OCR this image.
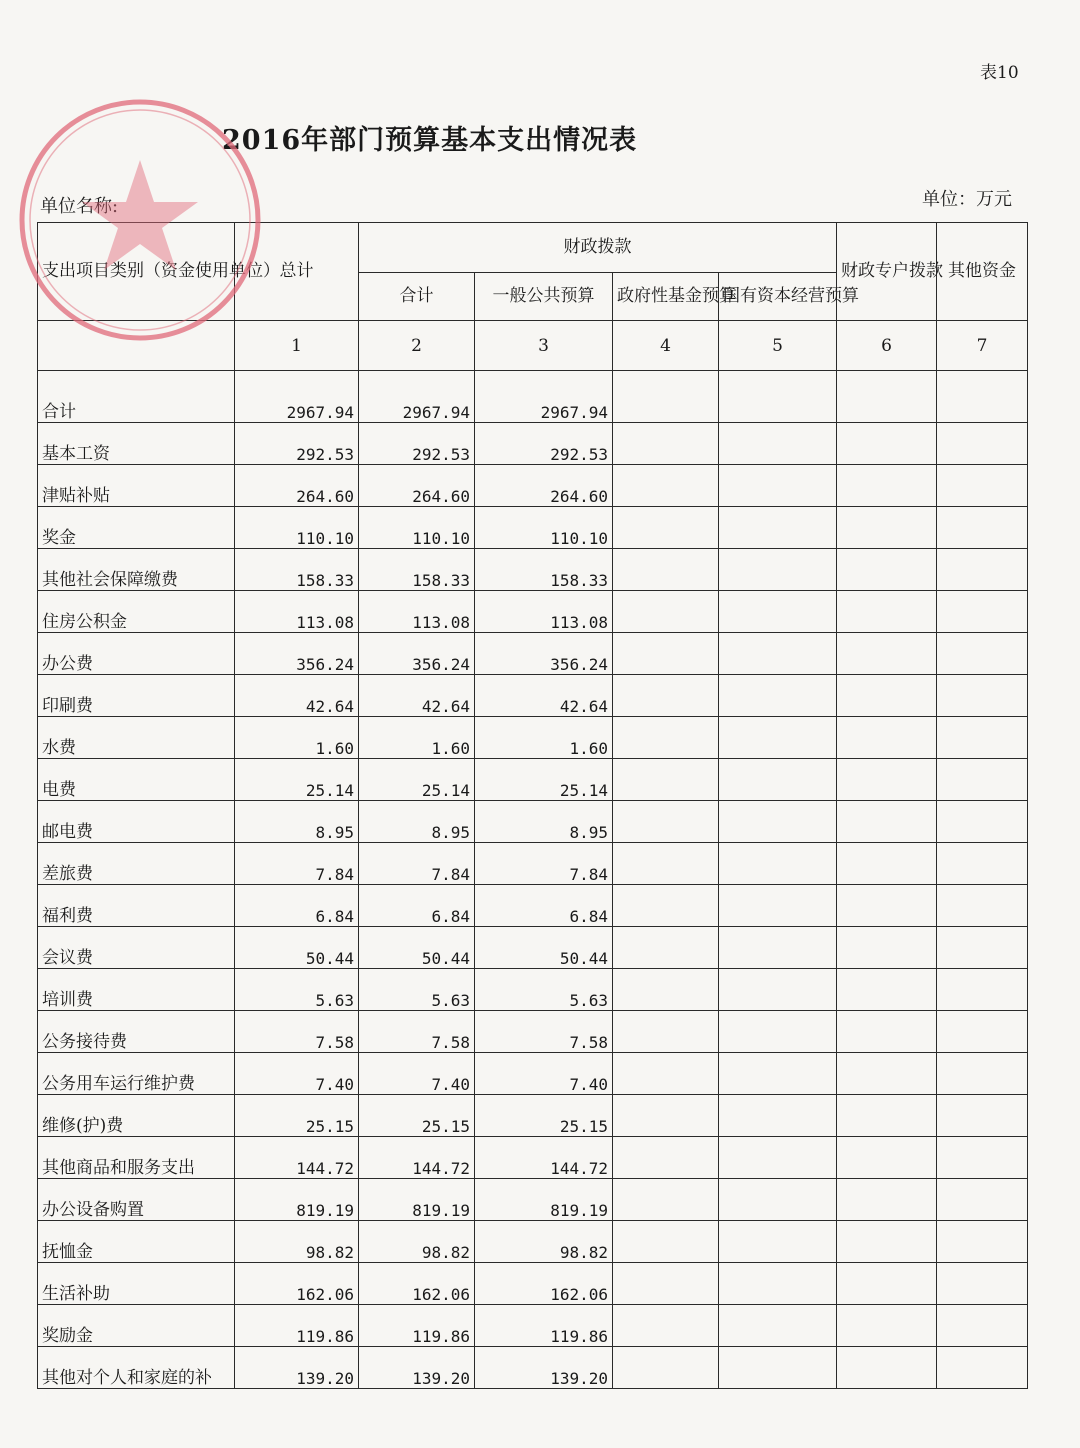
表10
2016年部门预算基本支出情况表
单位名称:	单位：万元
支出项目类别（资金使用单位）	总计	财政拨款				财政专户拨款	其他资金
		合计	一般公共预算	政府性基金预算	国有资本经营预算		
	1	2	3	4	5	6	7
合计	2967.94	2967.94	2967.94				
基本工资	292.53	292.53	292.53				
津贴补贴	264.60	264.60	264.60				
奖金	110.10	110.10	110.10				
其他社会保障缴费	158.33	158.33	158.33				
住房公积金	113.08	113.08	113.08				
办公费	356.24	356.24	356.24				
印刷费	42.64	42.64	42.64				
水费	1.60	1.60	1.60				
电费	25.14	25.14	25.14				
邮电费	8.95	8.95	8.95				
差旅费	7.84	7.84	7.84				
福利费	6.84	6.84	6.84				
会议费	50.44	50.44	50.44				
培训费	5.63	5.63	5.63				
公务接待费	7.58	7.58	7.58				
公务用车运行维护费	7.40	7.40	7.40				
维修(护)费	25.15	25.15	25.15				
其他商品和服务支出	144.72	144.72	144.72				
办公设备购置	819.19	819.19	819.19				
抚恤金	98.82	98.82	98.82				
生活补助	162.06	162.06	162.06				
奖励金	119.86	119.86	119.86				
其他对个人和家庭的补	139.20	139.20	139.20				
